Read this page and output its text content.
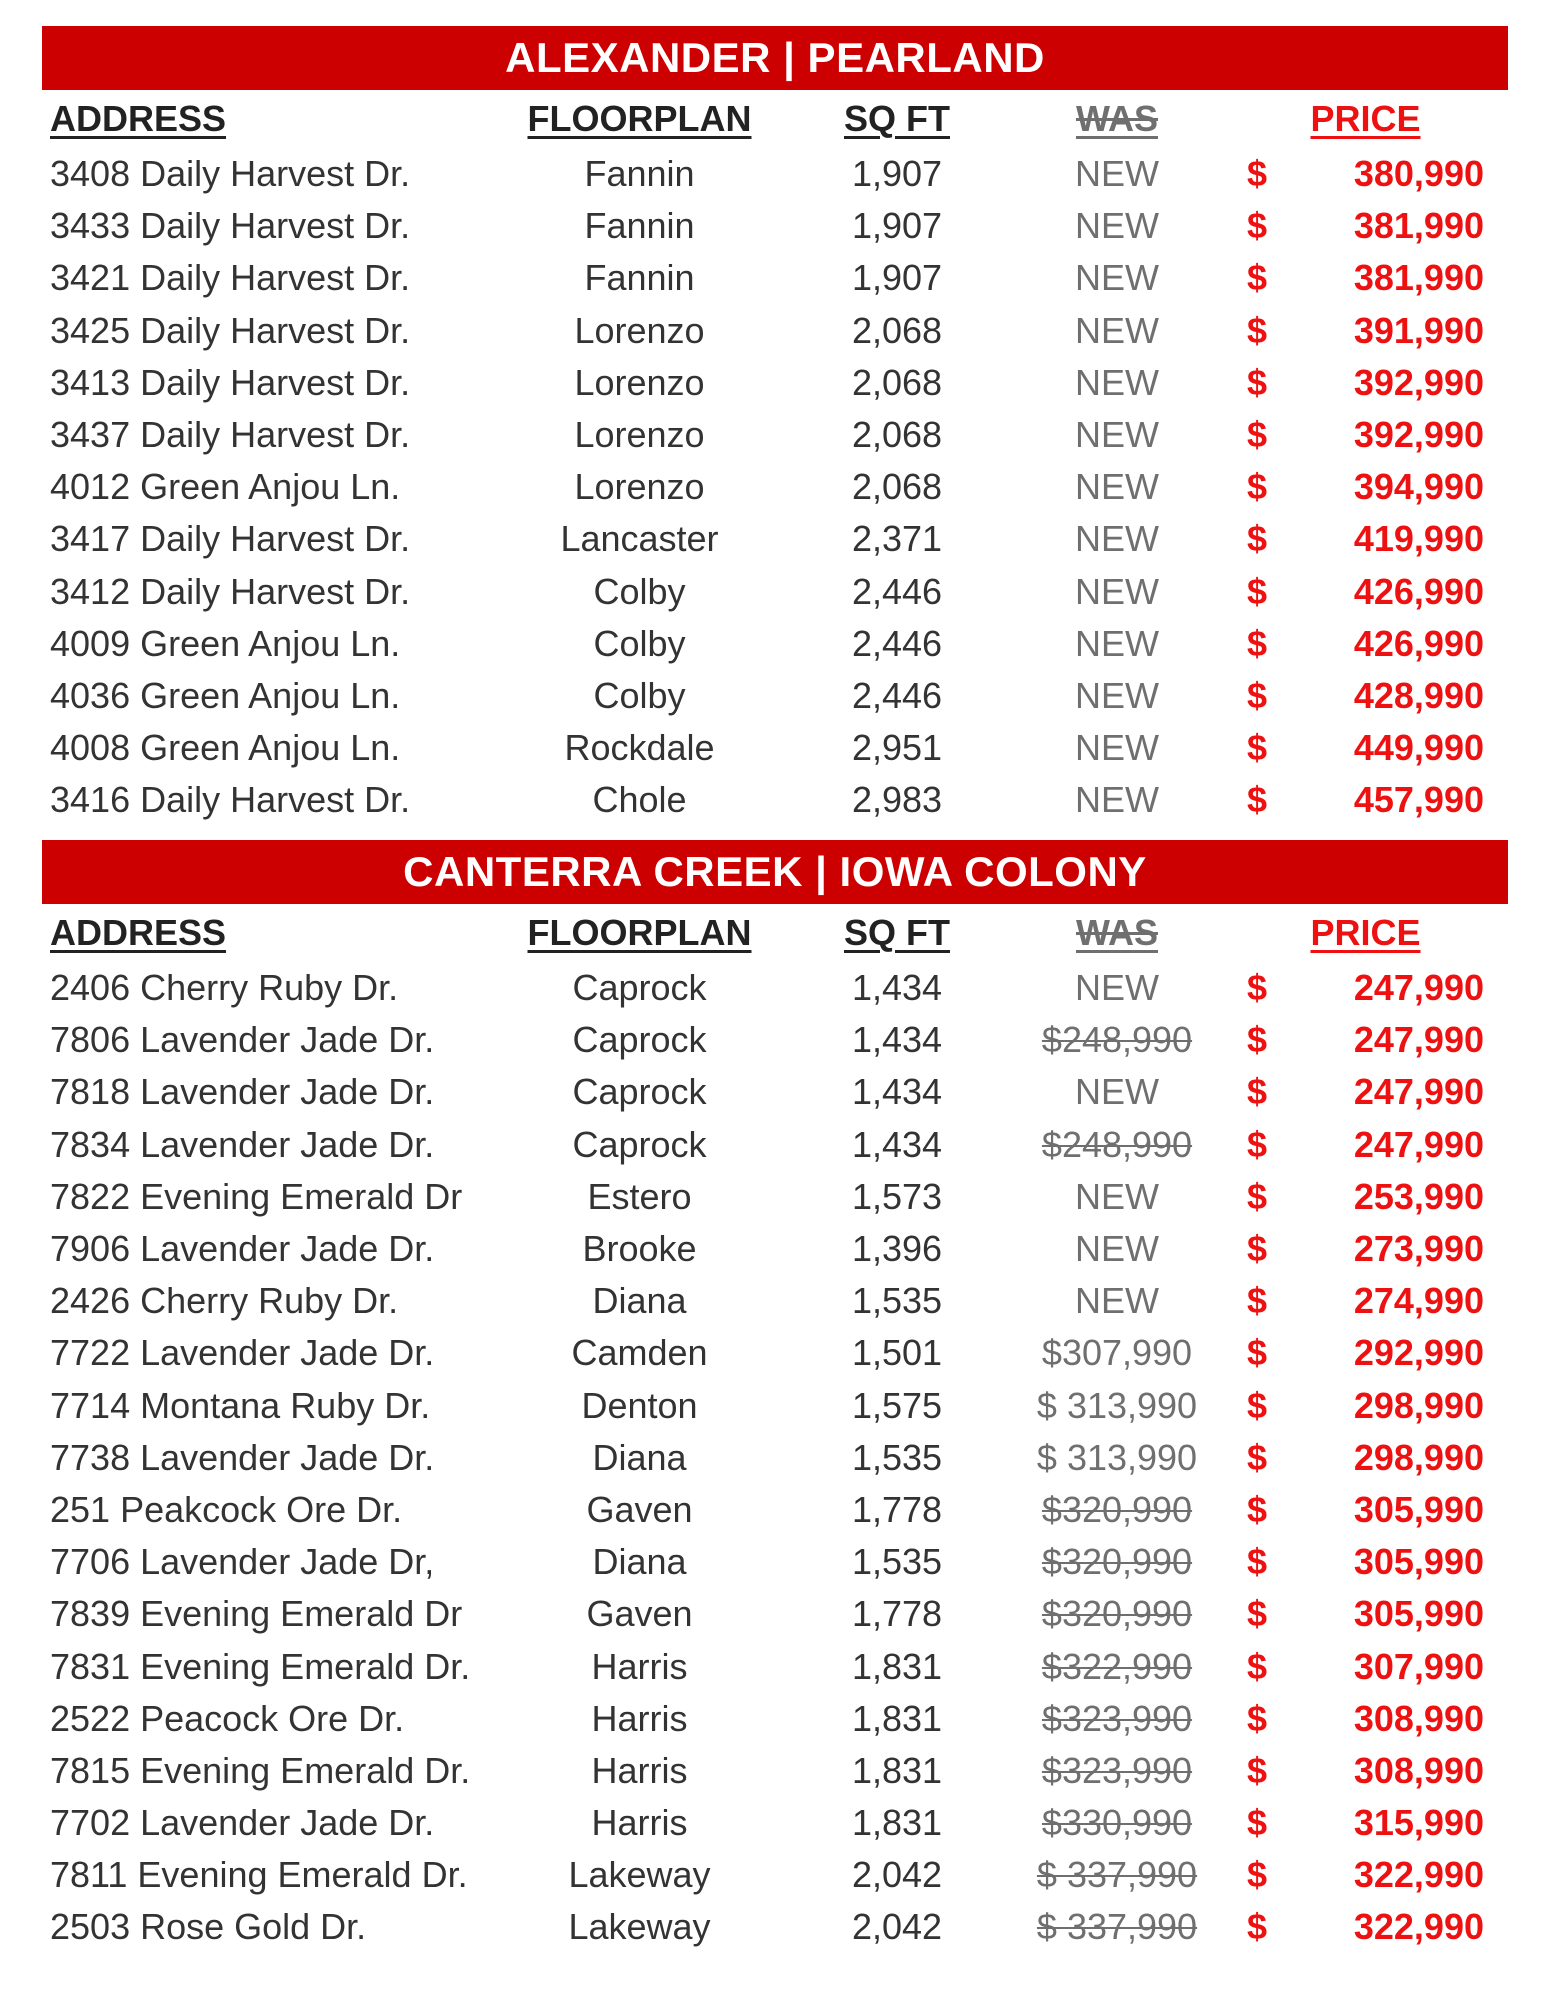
ALEXANDER | PEARLAND
ADDRESS	FLOORPLAN	SQ FT	WAS	PRICE
3408 Daily Harvest Dr.	Fannin	1,907	NEW	$ 380,990
3433 Daily Harvest Dr.	Fannin	1,907	NEW	$ 381,990
3421 Daily Harvest Dr.	Fannin	1,907	NEW	$ 381,990
3425 Daily Harvest Dr.	Lorenzo	2,068	NEW	$ 391,990
3413 Daily Harvest Dr.	Lorenzo	2,068	NEW	$ 392,990
3437 Daily Harvest Dr.	Lorenzo	2,068	NEW	$ 392,990
4012 Green Anjou Ln.	Lorenzo	2,068	NEW	$ 394,990
3417 Daily Harvest Dr.	Lancaster	2,371	NEW	$ 419,990
3412 Daily Harvest Dr.	Colby	2,446	NEW	$ 426,990
4009 Green Anjou Ln.	Colby	2,446	NEW	$ 426,990
4036 Green Anjou Ln.	Colby	2,446	NEW	$ 428,990
4008 Green Anjou Ln.	Rockdale	2,951	NEW	$ 449,990
3416 Daily Harvest Dr.	Chole	2,983	NEW	$ 457,990
CANTERRA CREEK | IOWA COLONY
ADDRESS	FLOORPLAN	SQ FT	WAS	PRICE
2406 Cherry Ruby Dr.	Caprock	1,434	NEW	$ 247,990
7806 Lavender Jade Dr.	Caprock	1,434	$248,990	$ 247,990
7818 Lavender Jade Dr.	Caprock	1,434	NEW	$ 247,990
7834 Lavender Jade Dr.	Caprock	1,434	$248,990	$ 247,990
7822 Evening Emerald Dr	Estero	1,573	NEW	$ 253,990
7906 Lavender Jade Dr.	Brooke	1,396	NEW	$ 273,990
2426 Cherry Ruby Dr.	Diana	1,535	NEW	$ 274,990
7722 Lavender Jade Dr.	Camden	1,501	$307,990	$ 292,990
7714 Montana Ruby Dr.	Denton	1,575	$ 313,990	$ 298,990
7738 Lavender Jade Dr.	Diana	1,535	$ 313,990	$ 298,990
251 Peakcock Ore Dr.	Gaven	1,778	$320,990	$ 305,990
7706 Lavender Jade Dr,	Diana	1,535	$320,990	$ 305,990
7839 Evening Emerald Dr	Gaven	1,778	$320,990	$ 305,990
7831 Evening Emerald Dr.	Harris	1,831	$322,990	$ 307,990
2522 Peacock Ore Dr.	Harris	1,831	$323,990	$ 308,990
7815 Evening Emerald Dr.	Harris	1,831	$323,990	$ 308,990
7702 Lavender Jade Dr.	Harris	1,831	$330,990	$ 315,990
7811 Evening Emerald Dr.	Lakeway	2,042	$ 337,990	$ 322,990
2503 Rose Gold Dr.	Lakeway	2,042	$ 337,990	$ 322,990
